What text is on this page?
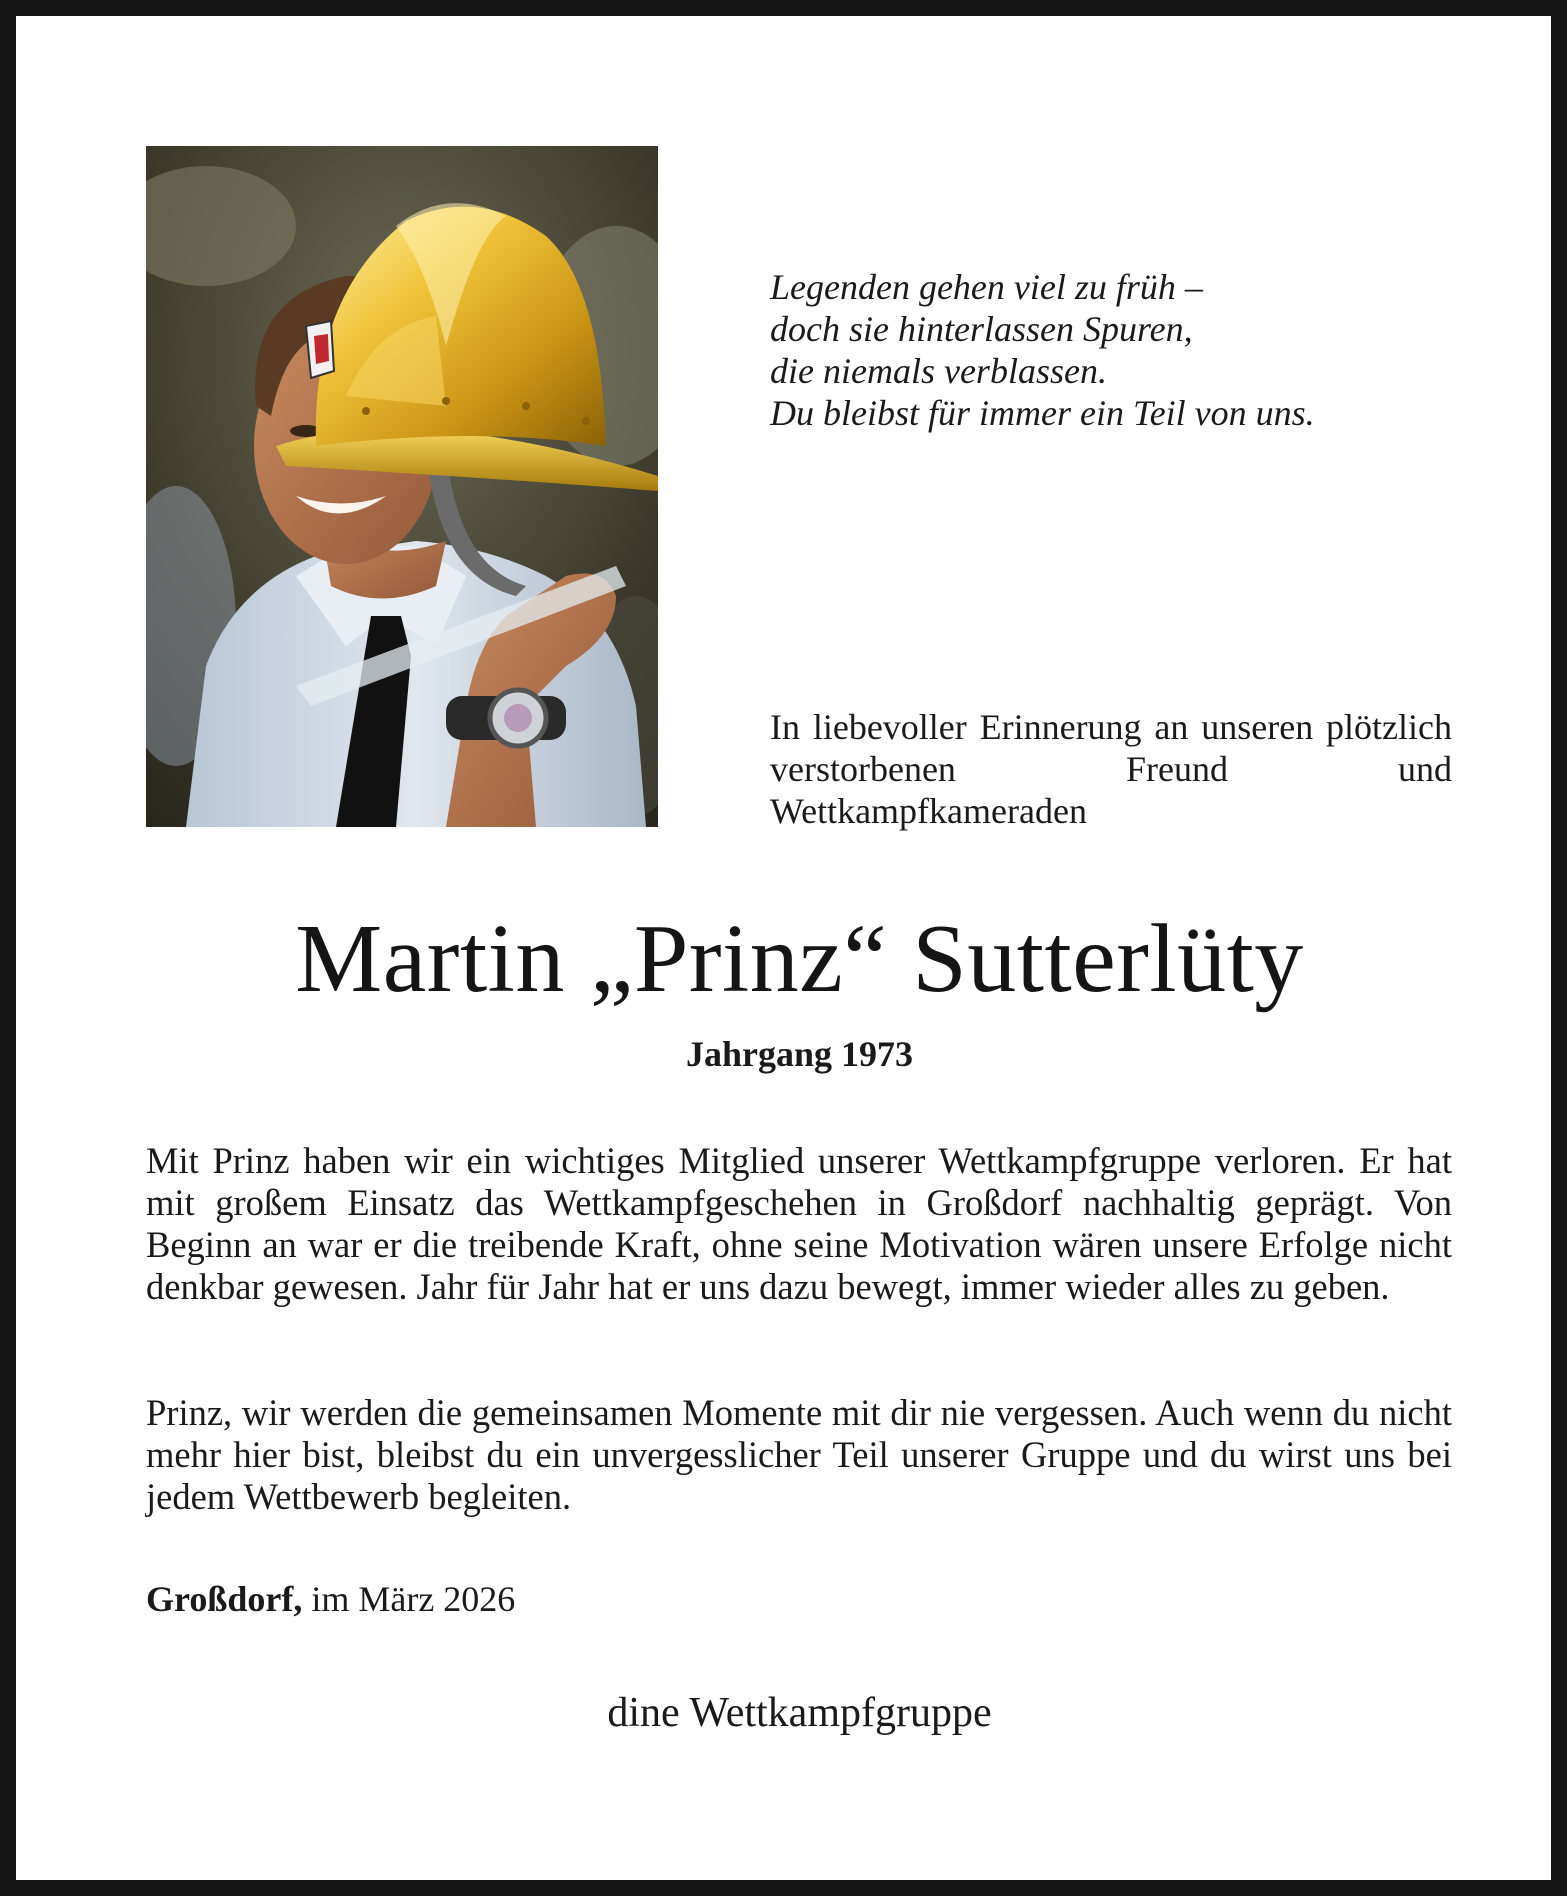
Legenden gehen viel zu früh –
doch sie hinterlassen Spuren,
die niemals verblassen.
Du bleibst für immer ein Teil von uns.
In liebevoller Erinnerung an unseren plötzlich verstorbenen Freund und Wettkampfkameraden
Martin „Prinz“ Sutterlüty
Jahrgang 1973
Mit Prinz haben wir ein wichtiges Mitglied unserer Wettkampfgruppe verloren. Er hat mit großem Einsatz das Wettkampfgeschehen in Großdorf nachhaltig geprägt. Von Beginn an war er die treibende Kraft, ohne seine Motivation wären unsere Erfolge nicht denkbar gewesen. Jahr für Jahr hat er uns dazu bewegt, immer wieder alles zu geben.
Prinz, wir werden die gemeinsamen Momente mit dir nie vergessen. Auch wenn du nicht mehr hier bist, bleibst du ein unvergesslicher Teil unserer Gruppe und du wirst uns bei jedem Wettbewerb begleiten.
Großdorf, im März 2026
dine Wettkampfgruppe
